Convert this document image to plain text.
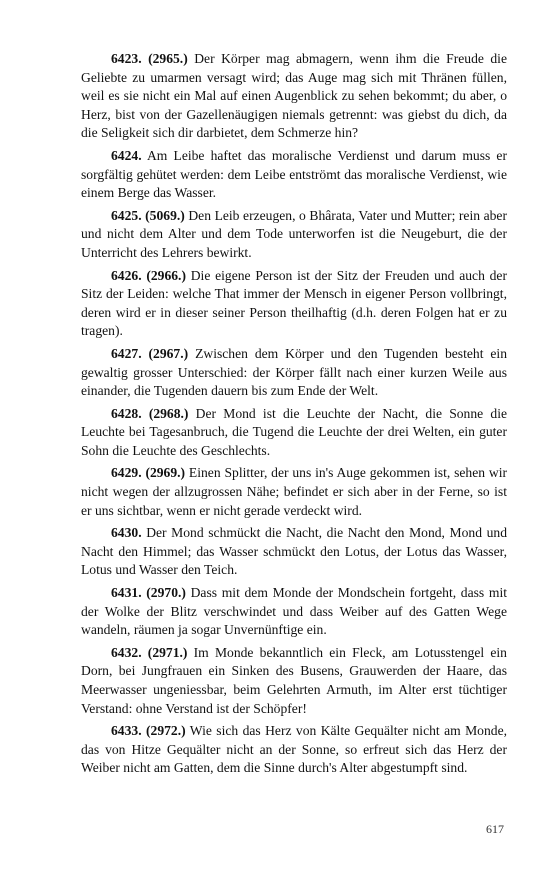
6423. (2965.) Der Körper mag abmagern, wenn ihm die Freude die Geliebte zu umarmen versagt wird; das Auge mag sich mit Thränen füllen, weil es sie nicht ein Mal auf einen Augenblick zu sehen bekommt; du aber, o Herz, bist von der Gazellenäugigen niemals getrennt: was giebst du dich, da die Seligkeit sich dir darbietet, dem Schmerze hin?

6424. Am Leibe haftet das moralische Verdienst und darum muss er sorgfältig gehütet werden: dem Leibe entströmt das moralische Verdienst, wie einem Berge das Wasser.

6425. (5069.) Den Leib erzeugen, o Bhârata, Vater und Mutter; rein aber und nicht dem Alter und dem Tode unterworfen ist die Neugeburt, die der Unterricht des Lehrers bewirkt.

6426. (2966.) Die eigene Person ist der Sitz der Freuden und auch der Sitz der Leiden: welche That immer der Mensch in eigener Person vollbringt, deren wird er in dieser seiner Person theilhaftig (d.h. deren Folgen hat er zu tragen).

6427. (2967.) Zwischen dem Körper und den Tugenden besteht ein gewaltig grosser Unterschied: der Körper fällt nach einer kurzen Weile aus einander, die Tugenden dauern bis zum Ende der Welt.

6428. (2968.) Der Mond ist die Leuchte der Nacht, die Sonne die Leuchte bei Tagesanbruch, die Tugend die Leuchte der drei Welten, ein guter Sohn die Leuchte des Geschlechts.

6429. (2969.) Einen Splitter, der uns in's Auge gekommen ist, sehen wir nicht wegen der allzugrossen Nähe; befindet er sich aber in der Ferne, so ist er uns sichtbar, wenn er nicht gerade verdeckt wird.

6430. Der Mond schmückt die Nacht, die Nacht den Mond, Mond und Nacht den Himmel; das Wasser schmückt den Lotus, der Lotus das Wasser, Lotus und Wasser den Teich.

6431. (2970.) Dass mit dem Monde der Mondschein fortgeht, dass mit der Wolke der Blitz verschwindet und dass Weiber auf des Gatten Wege wandeln, räumen ja sogar Unvernünftige ein.

6432. (2971.) Im Monde bekanntlich ein Fleck, am Lotusstengel ein Dorn, bei Jungfrauen ein Sinken des Busens, Grauwerden der Haare, das Meerwasser ungeniessbar, beim Gelehrten Armuth, im Alter erst tüchtiger Verstand: ohne Verstand ist der Schöpfer!

6433. (2972.) Wie sich das Herz von Kälte Gequälter nicht am Monde, das von Hitze Gequälter nicht an der Sonne, so erfreut sich das Herz der Weiber nicht am Gatten, dem die Sinne durch's Alter abgestumpft sind.

617
